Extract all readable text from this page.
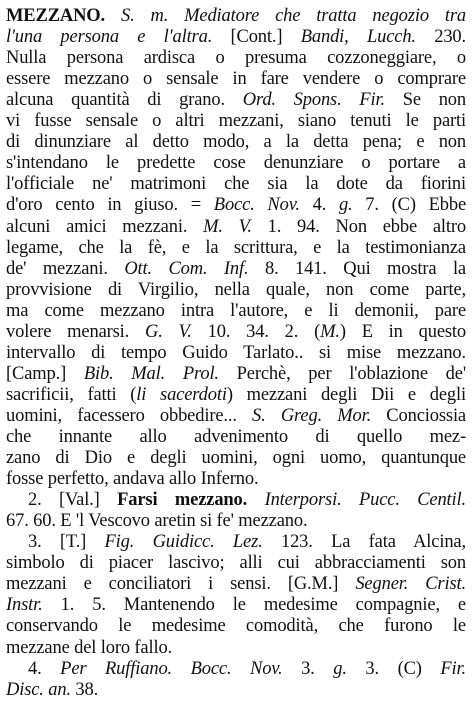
MEZZANO. S. m. Mediatore che tratta negozio tra
l'una persona e l'altra. [Cont.] Bandi, Lucch. 230.
Nulla persona ardisca o presuma cozzoneggiare, o
essere mezzano o sensale in fare vendere o comprare
alcuna quantità di grano. Ord. Spons. Fir. Se non
vi fusse sensale o altri mezzani, siano tenuti le parti
di dinunziare al detto modo, a la detta pena; e non
s'intendano le predette cose denunziare o portare a
l'officiale ne' matrimoni che sia la dote da fiorini
d'oro cento in giuso. = Bocc. Nov. 4. g. 7. (C) Ebbe
alcuni amici mezzani. M. V. 1. 94. Non ebbe altro
legame, che la fè, e la scrittura, e la testimonianza
de' mezzani. Ott. Com. Inf. 8. 141. Qui mostra la
provvisione di Virgilio, nella quale, non come parte,
ma come mezzano intra l'autore, e li demonii, pare
volere menarsi. G. V. 10. 34. 2. (M.) E in questo
intervallo di tempo Guido Tarlato.. si mise mezzano.
[Camp.] Bib. Mal. Prol. Perchè, per l'oblazione de'
sacrificii, fatti (li sacerdoti) mezzani degli Dii e degli
uomini, facessero obbedire... S. Greg. Mor. Conciossia
che innante allo advenimento di quello mez-
zano di Dio e degli uomini, ogni uomo, quantunque
fosse perfetto, andava allo Inferno.
2. [Val.] Farsi mezzano. Interporsi. Pucc. Centil.
67. 60. E 'l Vescovo aretin si fe' mezzano.
3. [T.] Fig. Guidicc. Lez. 123. La fata Alcina,
simbolo di piacer lascivo; alli cui abbracciamenti son
mezzani e conciliatori i sensi. [G.M.] Segner. Crist.
Instr. 1. 5. Mantenendo le medesime compagnie, e
conservando le medesime comodità, che furono le
mezzane del loro fallo.
4. Per Ruffiano. Bocc. Nov. 3. g. 3. (C) Fir.
Disc. an. 38.
